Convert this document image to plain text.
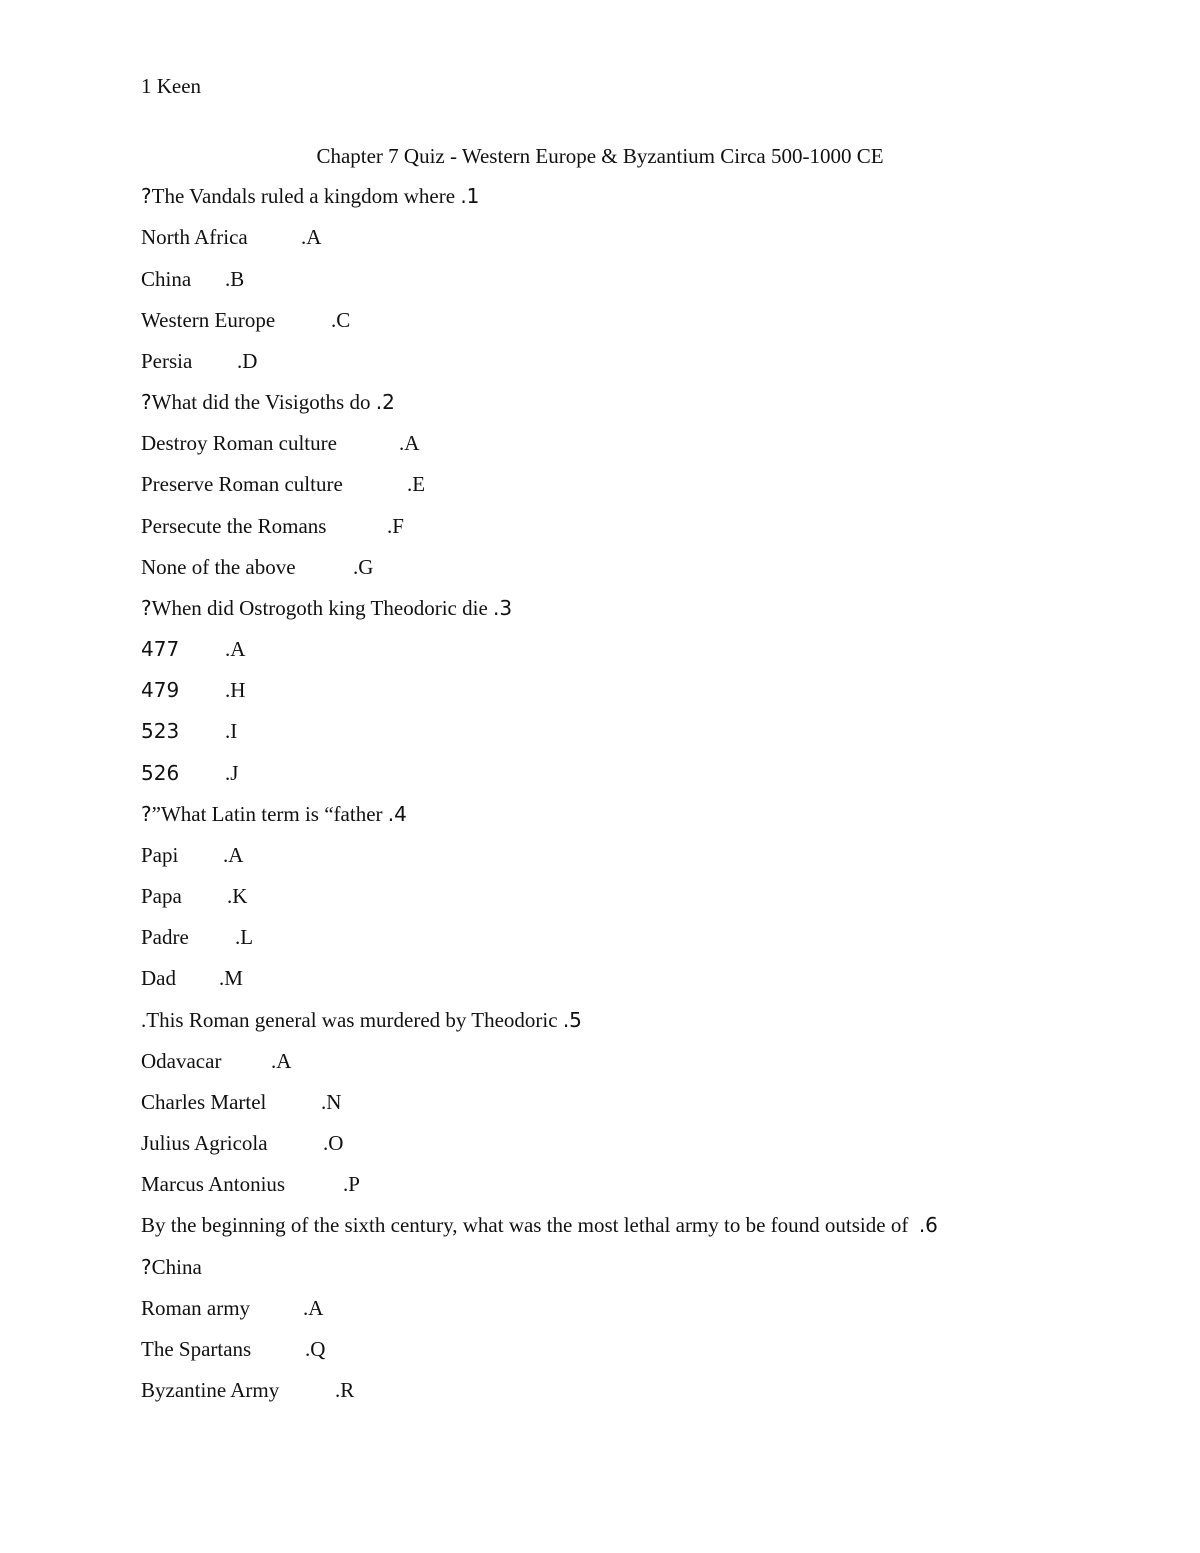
1 Keen
Chapter 7 Quiz - Western Europe & Byzantium Circa 500-1000 CE
?The Vandals ruled a kingdom where .1
North Africa	.A
China .B
Western Europe	.C
Persia .D
?What did the Visigoths do .2
Destroy Roman culture	.A
Preserve Roman culture	.E
Persecute the Romans	.F
None of the above	.G
?When did Ostrogoth king Theodoric die .3
477 .A
479 .H
523 .I
526 .J
?”What Latin term is “father .4
Papi .A
Papa .K
Padre .L
Dad .M
.This Roman general was murdered by Theodoric .5
Odavacar .A
Charles Martel	.N
Julius Agricola	.O
Marcus Antonius	.P
By the beginning of the sixth century, what was the most lethal army to be found outside of .6
?China
Roman army	.A
The Spartans	.Q
Byzantine Army	.R
